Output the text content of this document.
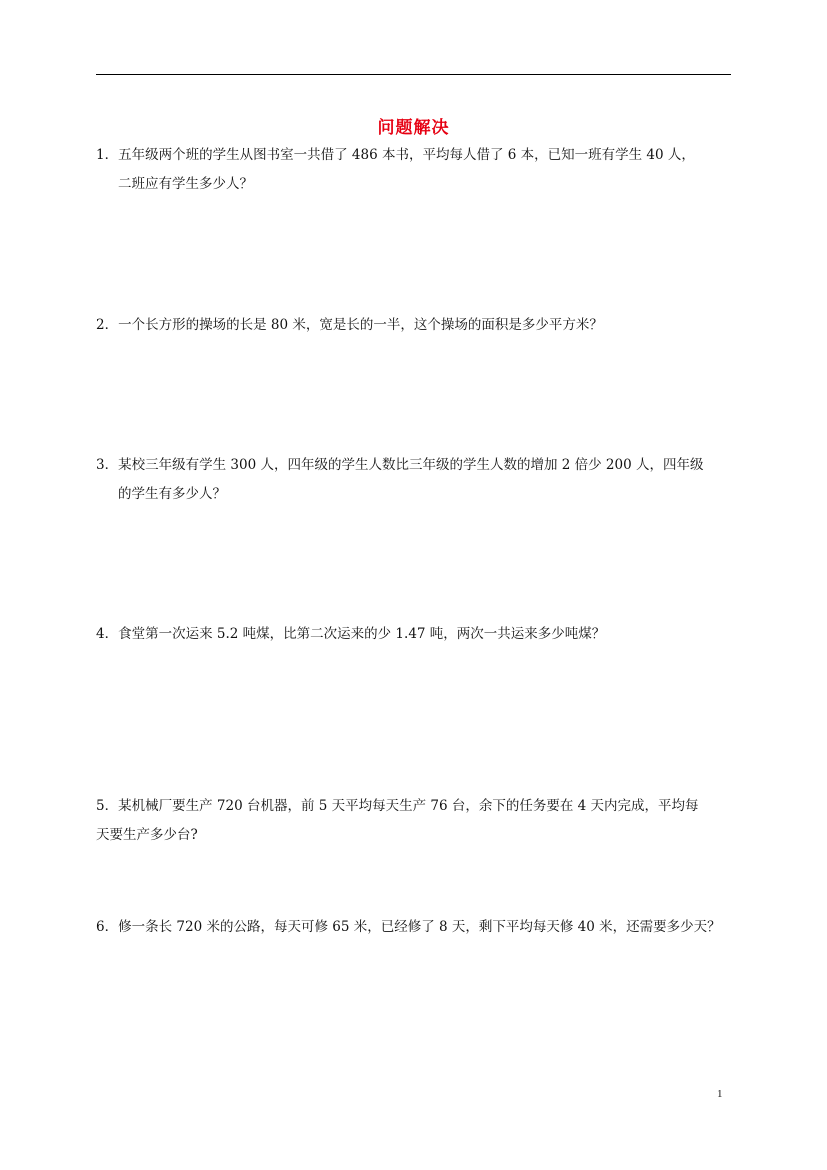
问题解决
1．五年级两个班的学生从图书室一共借了 486 本书，平均每人借了 6 本，已知一班有学生 40 人，
二班应有学生多少人？
2．一个长方形的操场的长是 80 米，宽是长的一半，这个操场的面积是多少平方米？
3．某校三年级有学生 300 人，四年级的学生人数比三年级的学生人数的增加 2 倍少 200 人，四年级
的学生有多少人？
4．食堂第一次运来 5.2 吨煤，比第二次运来的少 1.47 吨，两次一共运来多少吨煤？
5．某机械厂要生产 720 台机器，前 5 天平均每天生产 76 台，余下的任务要在 4 天内完成，平均每
天要生产多少台?
6．修一条长 720 米的公路，每天可修 65 米，已经修了 8 天，剩下平均每天修 40 米，还需要多少天？
1
